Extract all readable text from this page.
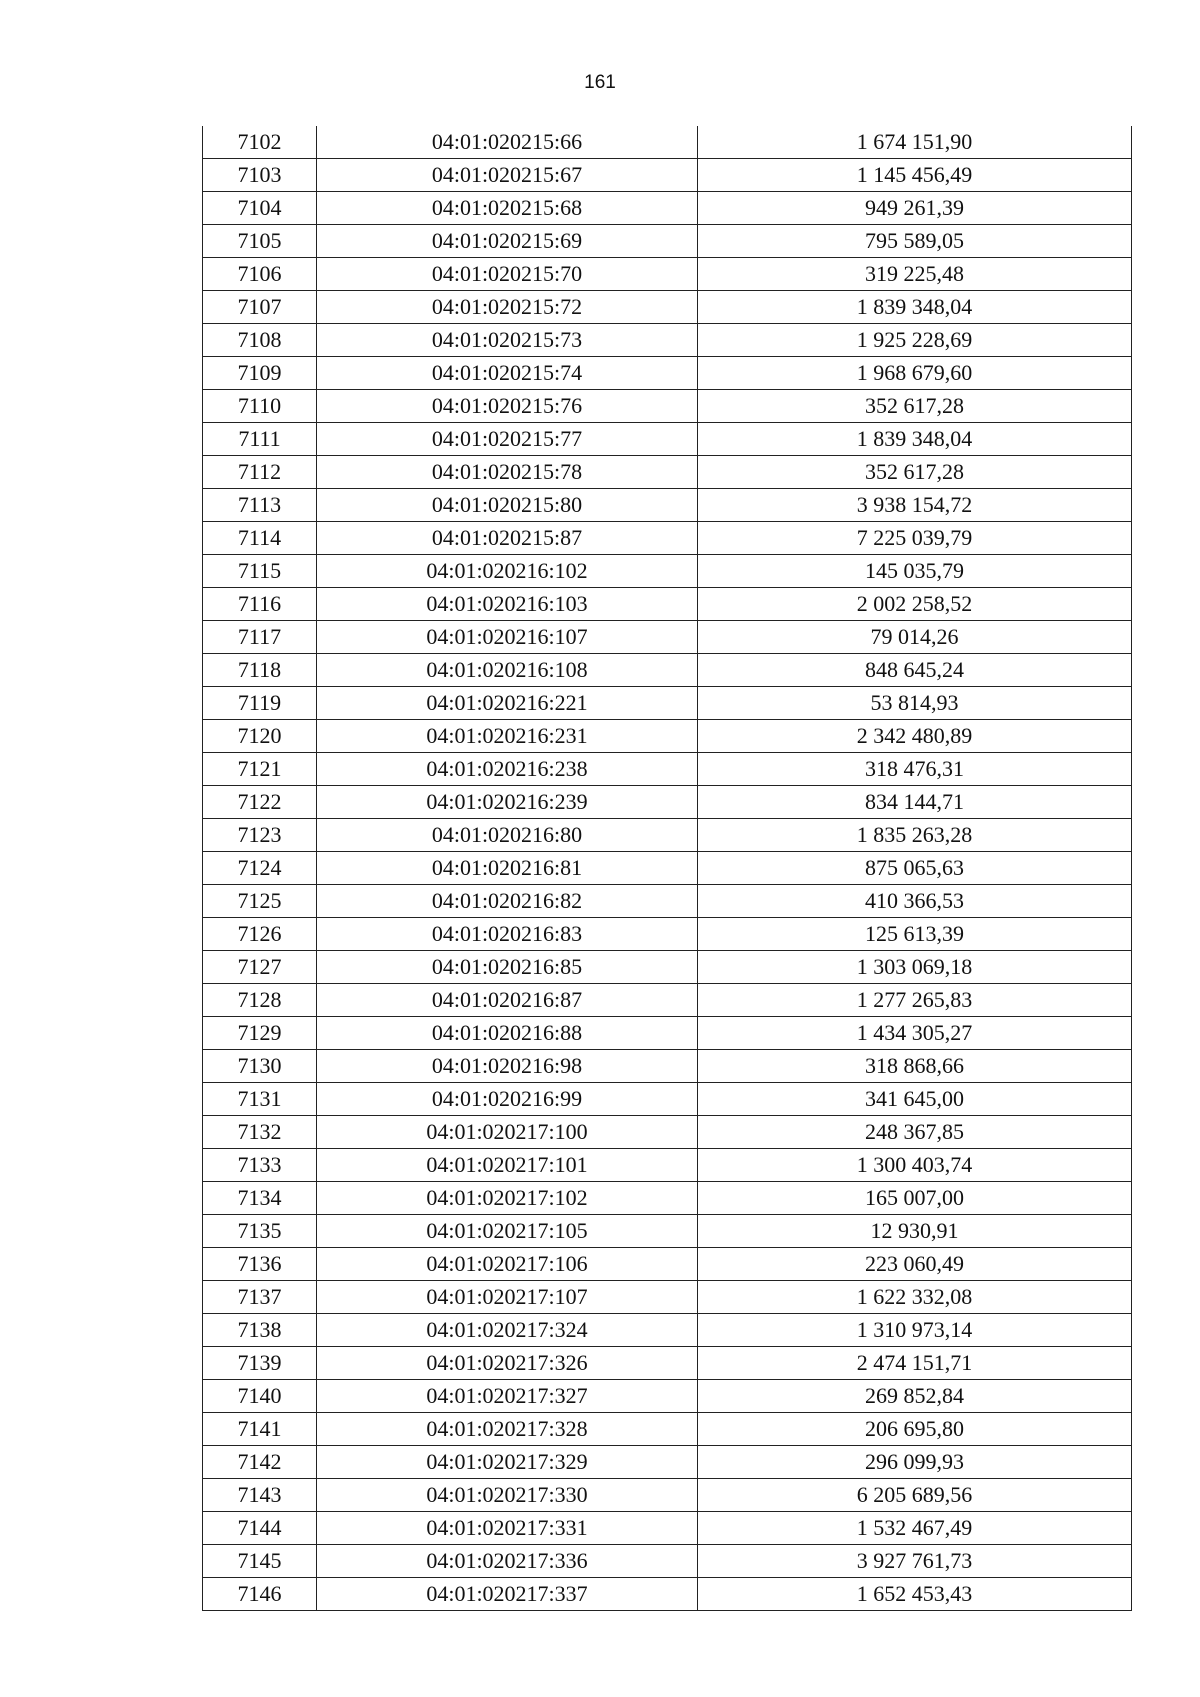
161
7102	04:01:020215:66	1 674 151,90
7103	04:01:020215:67	1 145 456,49
7104	04:01:020215:68	949 261,39
7105	04:01:020215:69	795 589,05
7106	04:01:020215:70	319 225,48
7107	04:01:020215:72	1 839 348,04
7108	04:01:020215:73	1 925 228,69
7109	04:01:020215:74	1 968 679,60
7110	04:01:020215:76	352 617,28
7111	04:01:020215:77	1 839 348,04
7112	04:01:020215:78	352 617,28
7113	04:01:020215:80	3 938 154,72
7114	04:01:020215:87	7 225 039,79
7115	04:01:020216:102	145 035,79
7116	04:01:020216:103	2 002 258,52
7117	04:01:020216:107	79 014,26
7118	04:01:020216:108	848 645,24
7119	04:01:020216:221	53 814,93
7120	04:01:020216:231	2 342 480,89
7121	04:01:020216:238	318 476,31
7122	04:01:020216:239	834 144,71
7123	04:01:020216:80	1 835 263,28
7124	04:01:020216:81	875 065,63
7125	04:01:020216:82	410 366,53
7126	04:01:020216:83	125 613,39
7127	04:01:020216:85	1 303 069,18
7128	04:01:020216:87	1 277 265,83
7129	04:01:020216:88	1 434 305,27
7130	04:01:020216:98	318 868,66
7131	04:01:020216:99	341 645,00
7132	04:01:020217:100	248 367,85
7133	04:01:020217:101	1 300 403,74
7134	04:01:020217:102	165 007,00
7135	04:01:020217:105	12 930,91
7136	04:01:020217:106	223 060,49
7137	04:01:020217:107	1 622 332,08
7138	04:01:020217:324	1 310 973,14
7139	04:01:020217:326	2 474 151,71
7140	04:01:020217:327	269 852,84
7141	04:01:020217:328	206 695,80
7142	04:01:020217:329	296 099,93
7143	04:01:020217:330	6 205 689,56
7144	04:01:020217:331	1 532 467,49
7145	04:01:020217:336	3 927 761,73
7146	04:01:020217:337	1 652 453,43
